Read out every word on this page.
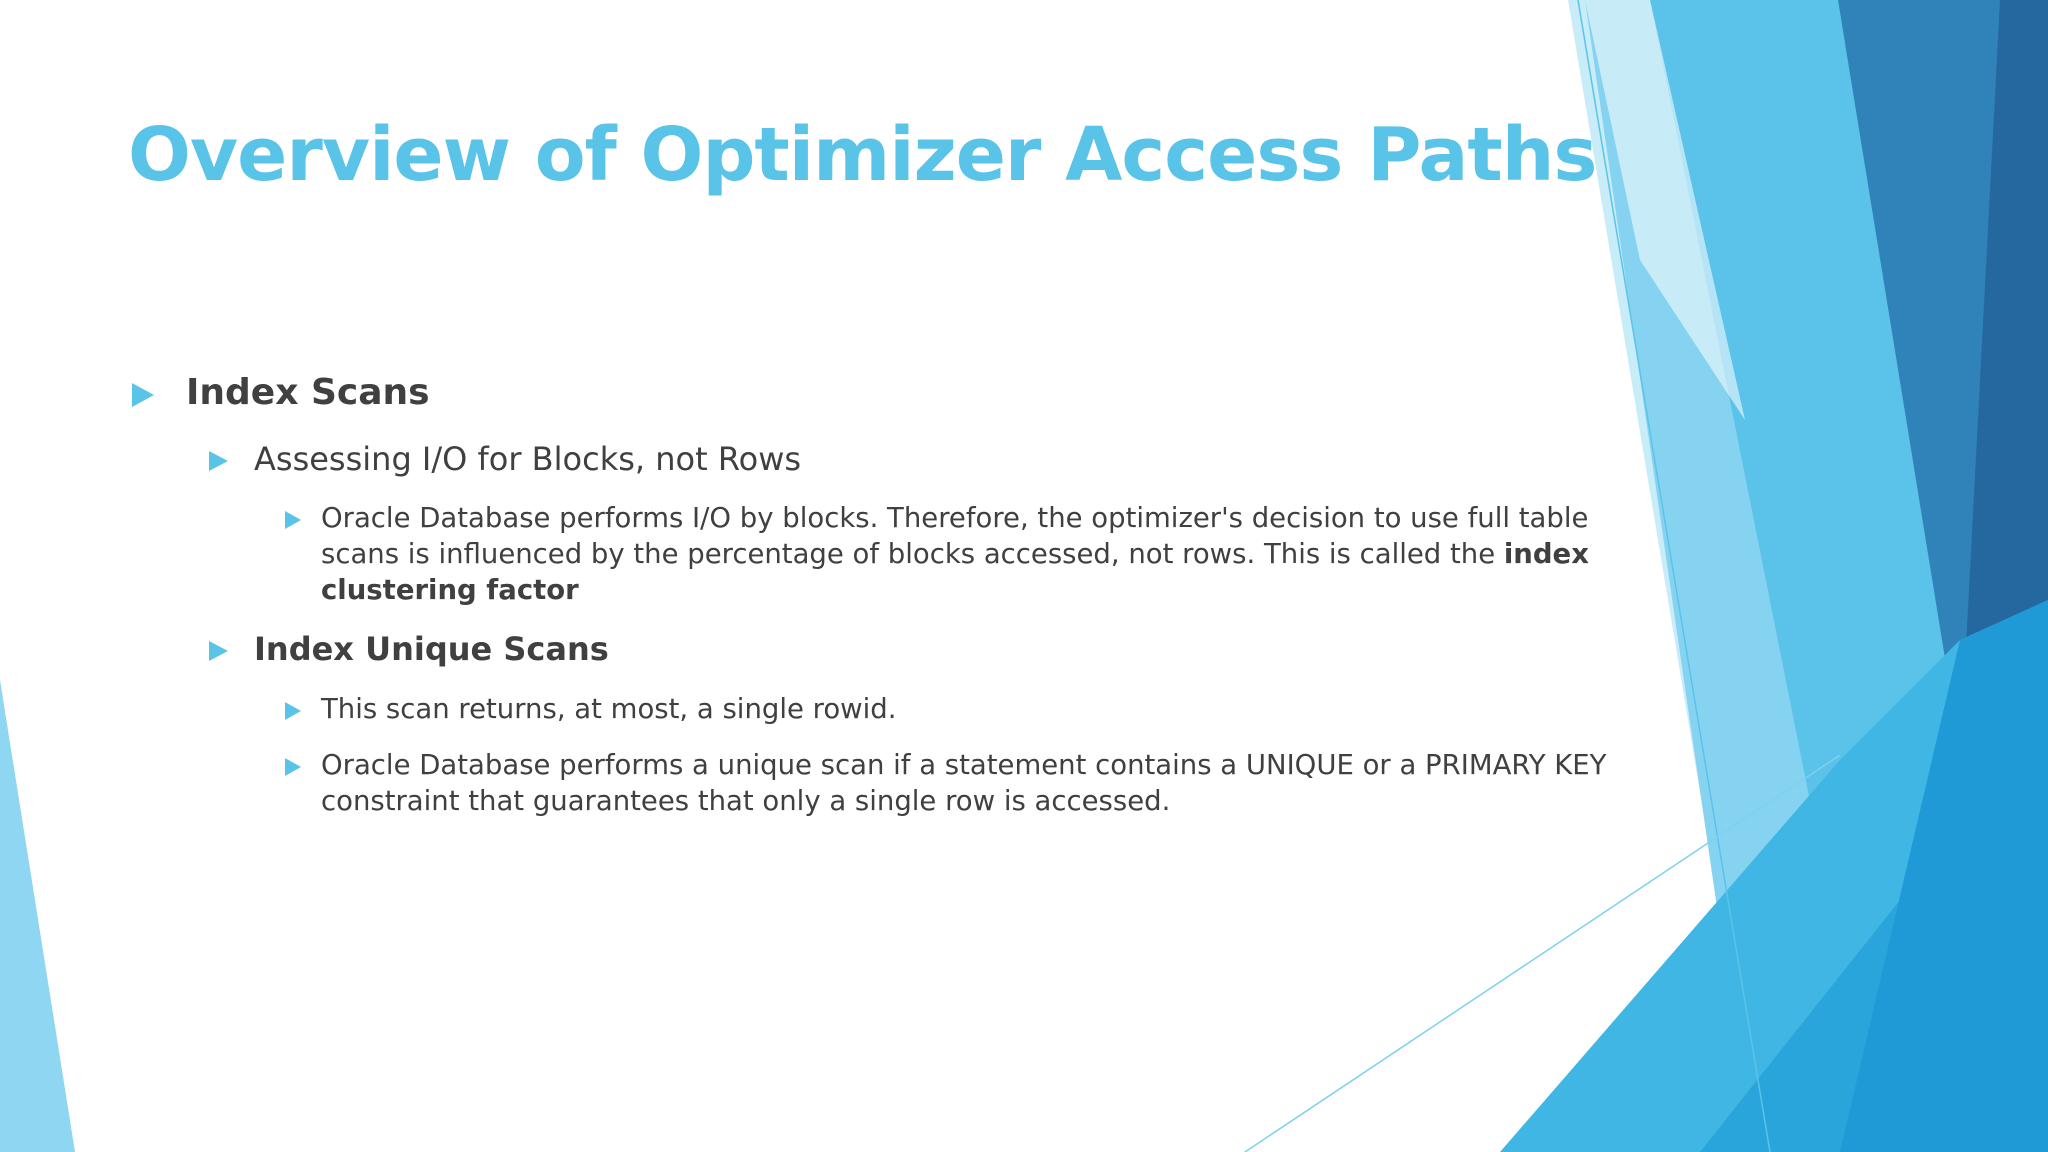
Overview of Optimizer Access Paths
Index Scans
Assessing I/O for Blocks, not Rows
Oracle Database performs I/O by blocks. Therefore, the optimizer's decision to use full table scans is influenced by the percentage of blocks accessed, not rows. This is called the index clustering factor
Index Unique Scans
This scan returns, at most, a single rowid.
Oracle Database performs a unique scan if a statement contains a UNIQUE or a PRIMARY KEY constraint that guarantees that only a single row is accessed.
